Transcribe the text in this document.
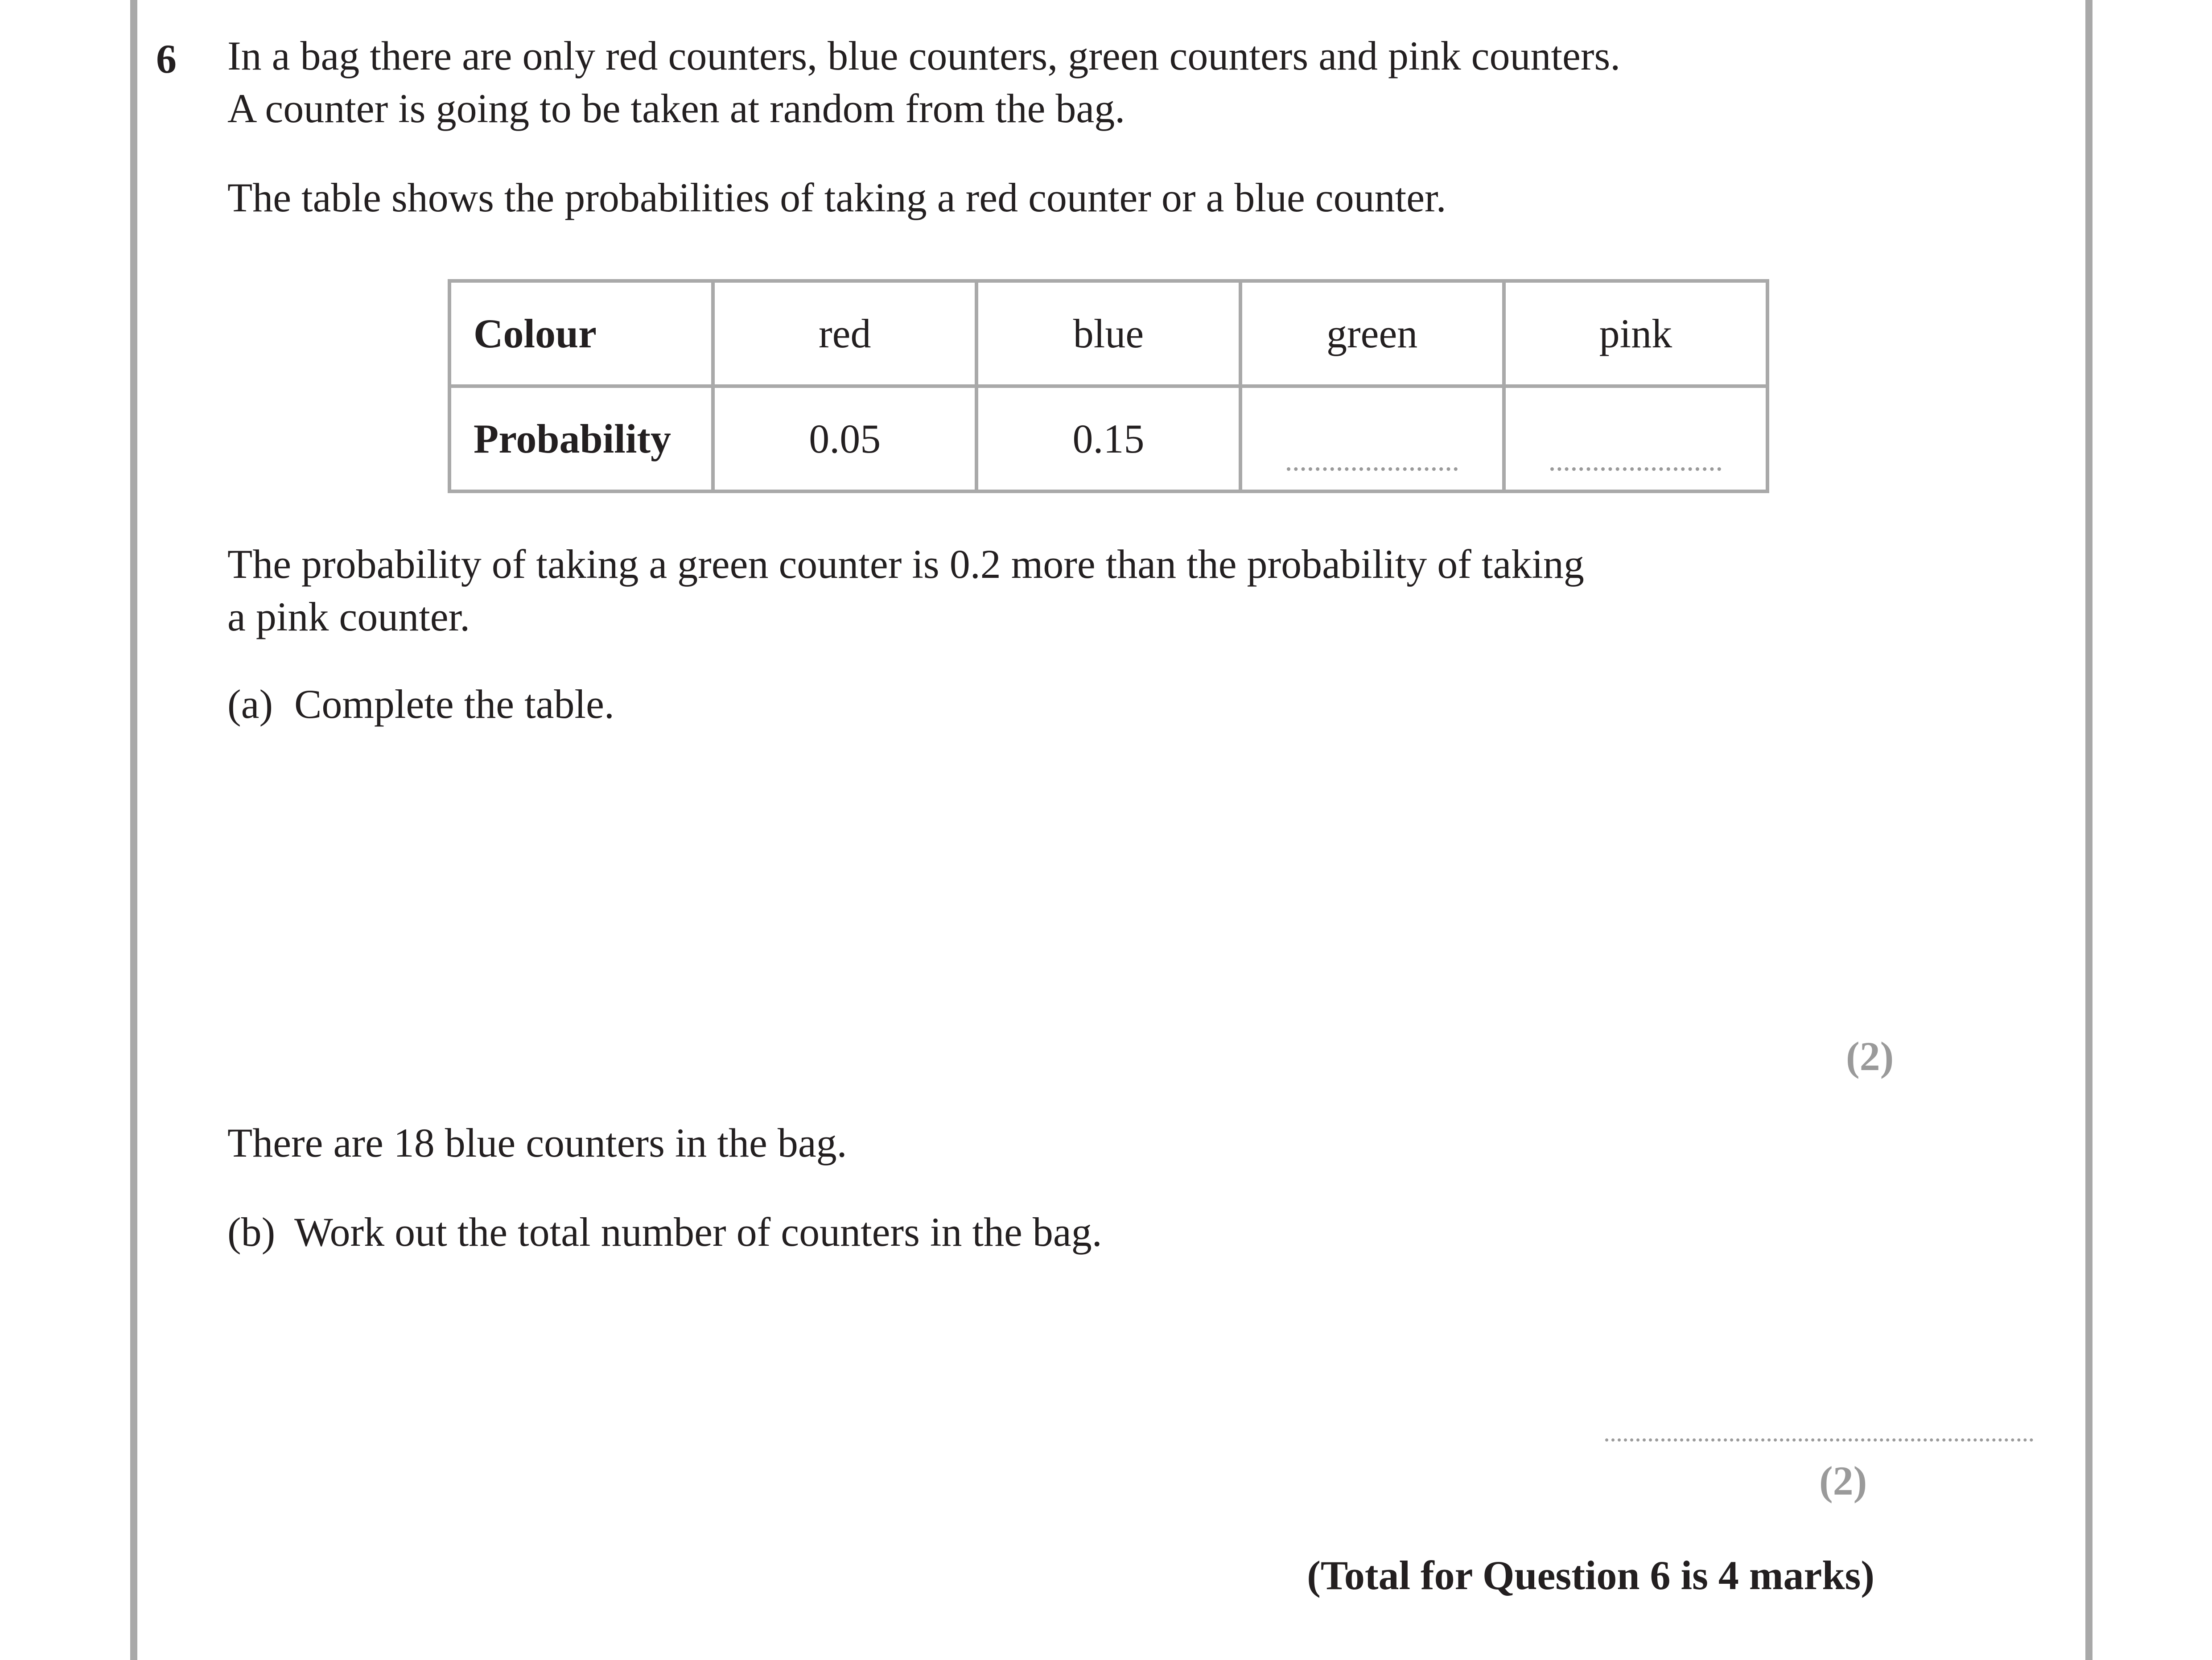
6 In a bag there are only red counters, blue counters, green counters and pink counters.
A counter is going to be taken at random from the bag.
The table shows the probabilities of taking a red counter or a blue counter.
Colour	red	blue	green	pink
Probability	0.05	0.15	

The probability of taking a green counter is 0.2 more than the probability of taking
a pink counter.
(a) Complete the table.
(2)
There are 18 blue counters in the bag.
(b) Work out the total number of counters in the bag.
(2)
(Total for Question 6 is 4 marks)
